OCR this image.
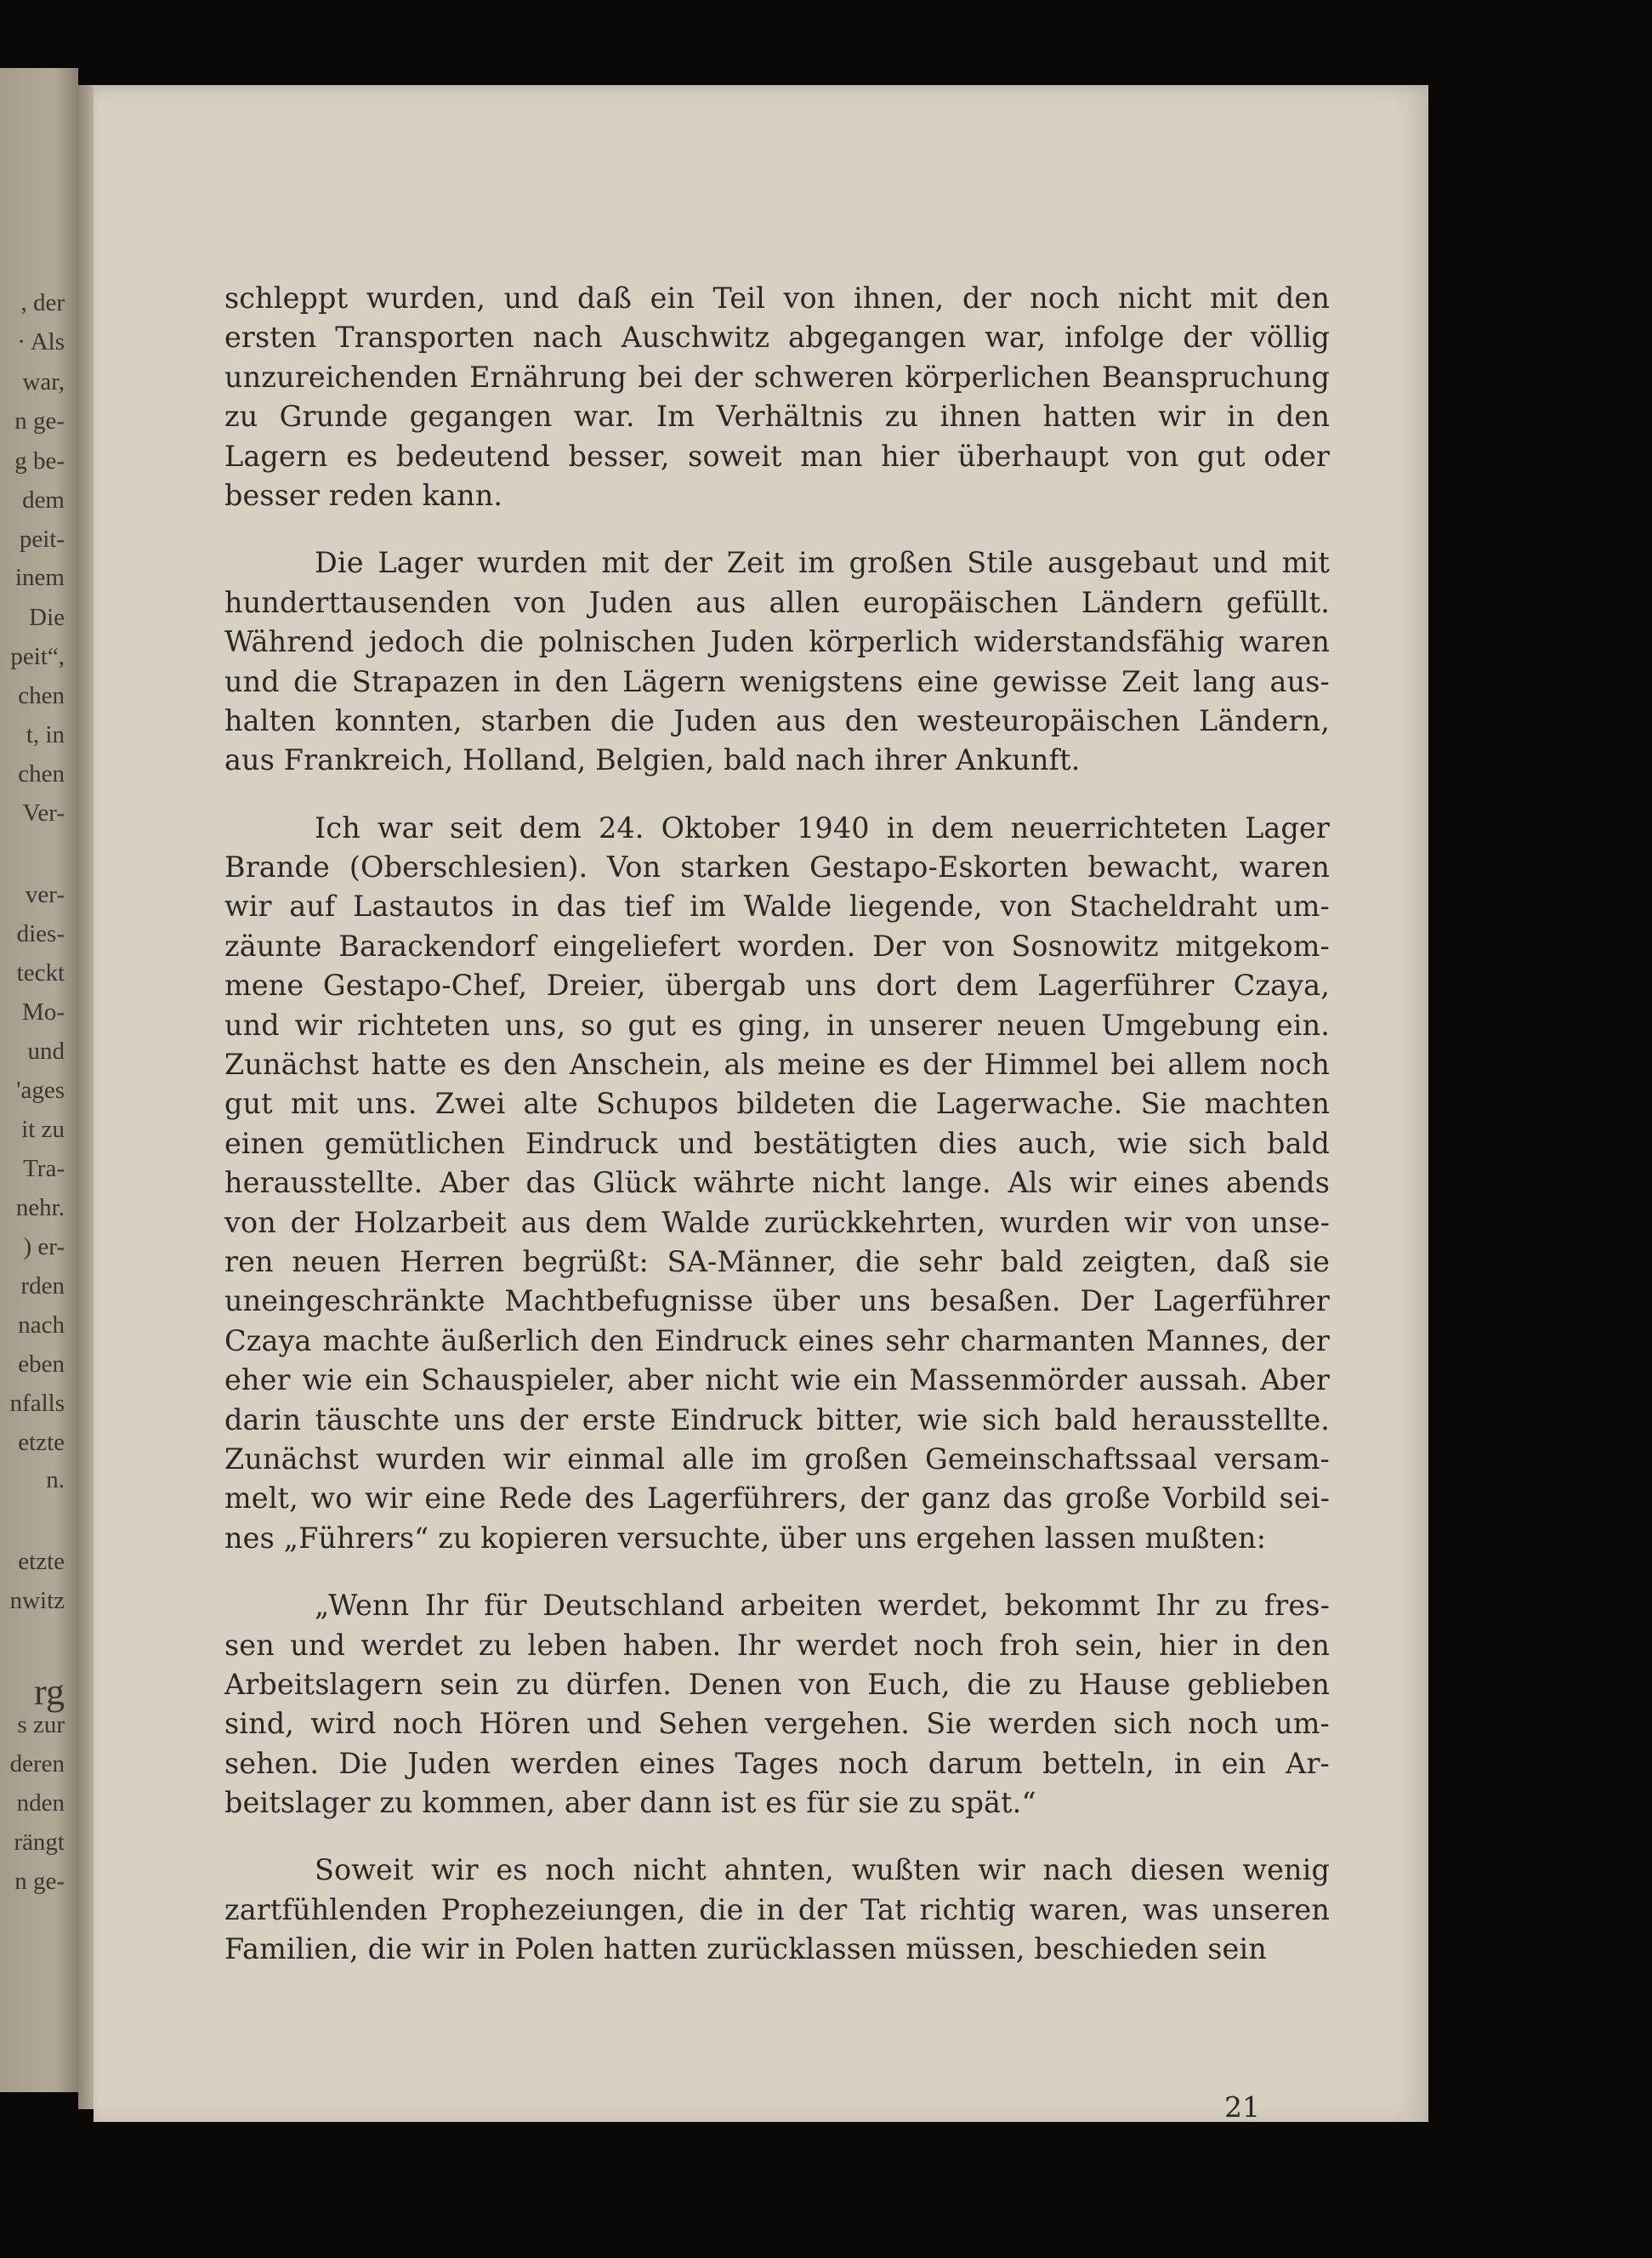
, der

· Als

war,

n ge-

g be-

dem

peit-

inem

Die

peit“,

chen

t, in

chen

Ver-

ver-

dies-

teckt

Mo-

und

'ages

it zu

Tra-

nehr.

) er-

rden

nach

eben

nfalls

etzte

n.

etzte

nwitz

rg

s zur

deren

nden

rängt

n ge-

schleppt wurden, und daß ein Teil von ihnen, der noch nicht mit den
ersten Transporten nach Auschwitz abgegangen war, infolge der völlig
unzureichenden Ernährung bei der schweren körperlichen Beanspruchung
zu Grunde gegangen war. Im Verhältnis zu ihnen hatten wir in den
Lagern es bedeutend besser, soweit man hier überhaupt von gut oder
besser reden kann.
Die Lager wurden mit der Zeit im großen Stile ausgebaut und mit
hunderttausenden von Juden aus allen europäischen Ländern gefüllt.
Während jedoch die polnischen Juden körperlich widerstandsfähig waren
und die Strapazen in den Lägern wenigstens eine gewisse Zeit lang aus-
halten konnten, starben die Juden aus den westeuropäischen Ländern,
aus Frankreich, Holland, Belgien, bald nach ihrer Ankunft.
Ich war seit dem 24. Oktober 1940 in dem neuerrichteten Lager
Brande (Oberschlesien). Von starken Gestapo-Eskorten bewacht, waren
wir auf Lastautos in das tief im Walde liegende, von Stacheldraht um-
zäunte Barackendorf eingeliefert worden. Der von Sosnowitz mitgekom-
mene Gestapo-Chef, Dreier, übergab uns dort dem Lagerführer Czaya,
und wir richteten uns, so gut es ging, in unserer neuen Umgebung ein.
Zunächst hatte es den Anschein, als meine es der Himmel bei allem noch
gut mit uns. Zwei alte Schupos bildeten die Lagerwache. Sie machten
einen gemütlichen Eindruck und bestätigten dies auch, wie sich bald
herausstellte. Aber das Glück währte nicht lange. Als wir eines abends
von der Holzarbeit aus dem Walde zurückkehrten, wurden wir von unse-
ren neuen Herren begrüßt: SA-Männer, die sehr bald zeigten, daß sie
uneingeschränkte Machtbefugnisse über uns besaßen. Der Lagerführer
Czaya machte äußerlich den Eindruck eines sehr charmanten Mannes, der
eher wie ein Schauspieler, aber nicht wie ein Massenmörder aussah. Aber
darin täuschte uns der erste Eindruck bitter, wie sich bald herausstellte.
Zunächst wurden wir einmal alle im großen Gemeinschaftssaal versam-
melt, wo wir eine Rede des Lagerführers, der ganz das große Vorbild sei-
nes „Führers“ zu kopieren versuchte, über uns ergehen lassen mußten:
„Wenn Ihr für Deutschland arbeiten werdet, bekommt Ihr zu fres-
sen und werdet zu leben haben. Ihr werdet noch froh sein, hier in den
Arbeitslagern sein zu dürfen. Denen von Euch, die zu Hause geblieben
sind, wird noch Hören und Sehen vergehen. Sie werden sich noch um-
sehen. Die Juden werden eines Tages noch darum betteln, in ein Ar-
beitslager zu kommen, aber dann ist es für sie zu spät.“
Soweit wir es noch nicht ahnten, wußten wir nach diesen wenig
zartfühlenden Prophezeiungen, die in der Tat richtig waren, was unseren
Familien, die wir in Polen hatten zurücklassen müssen, beschieden sein

21
